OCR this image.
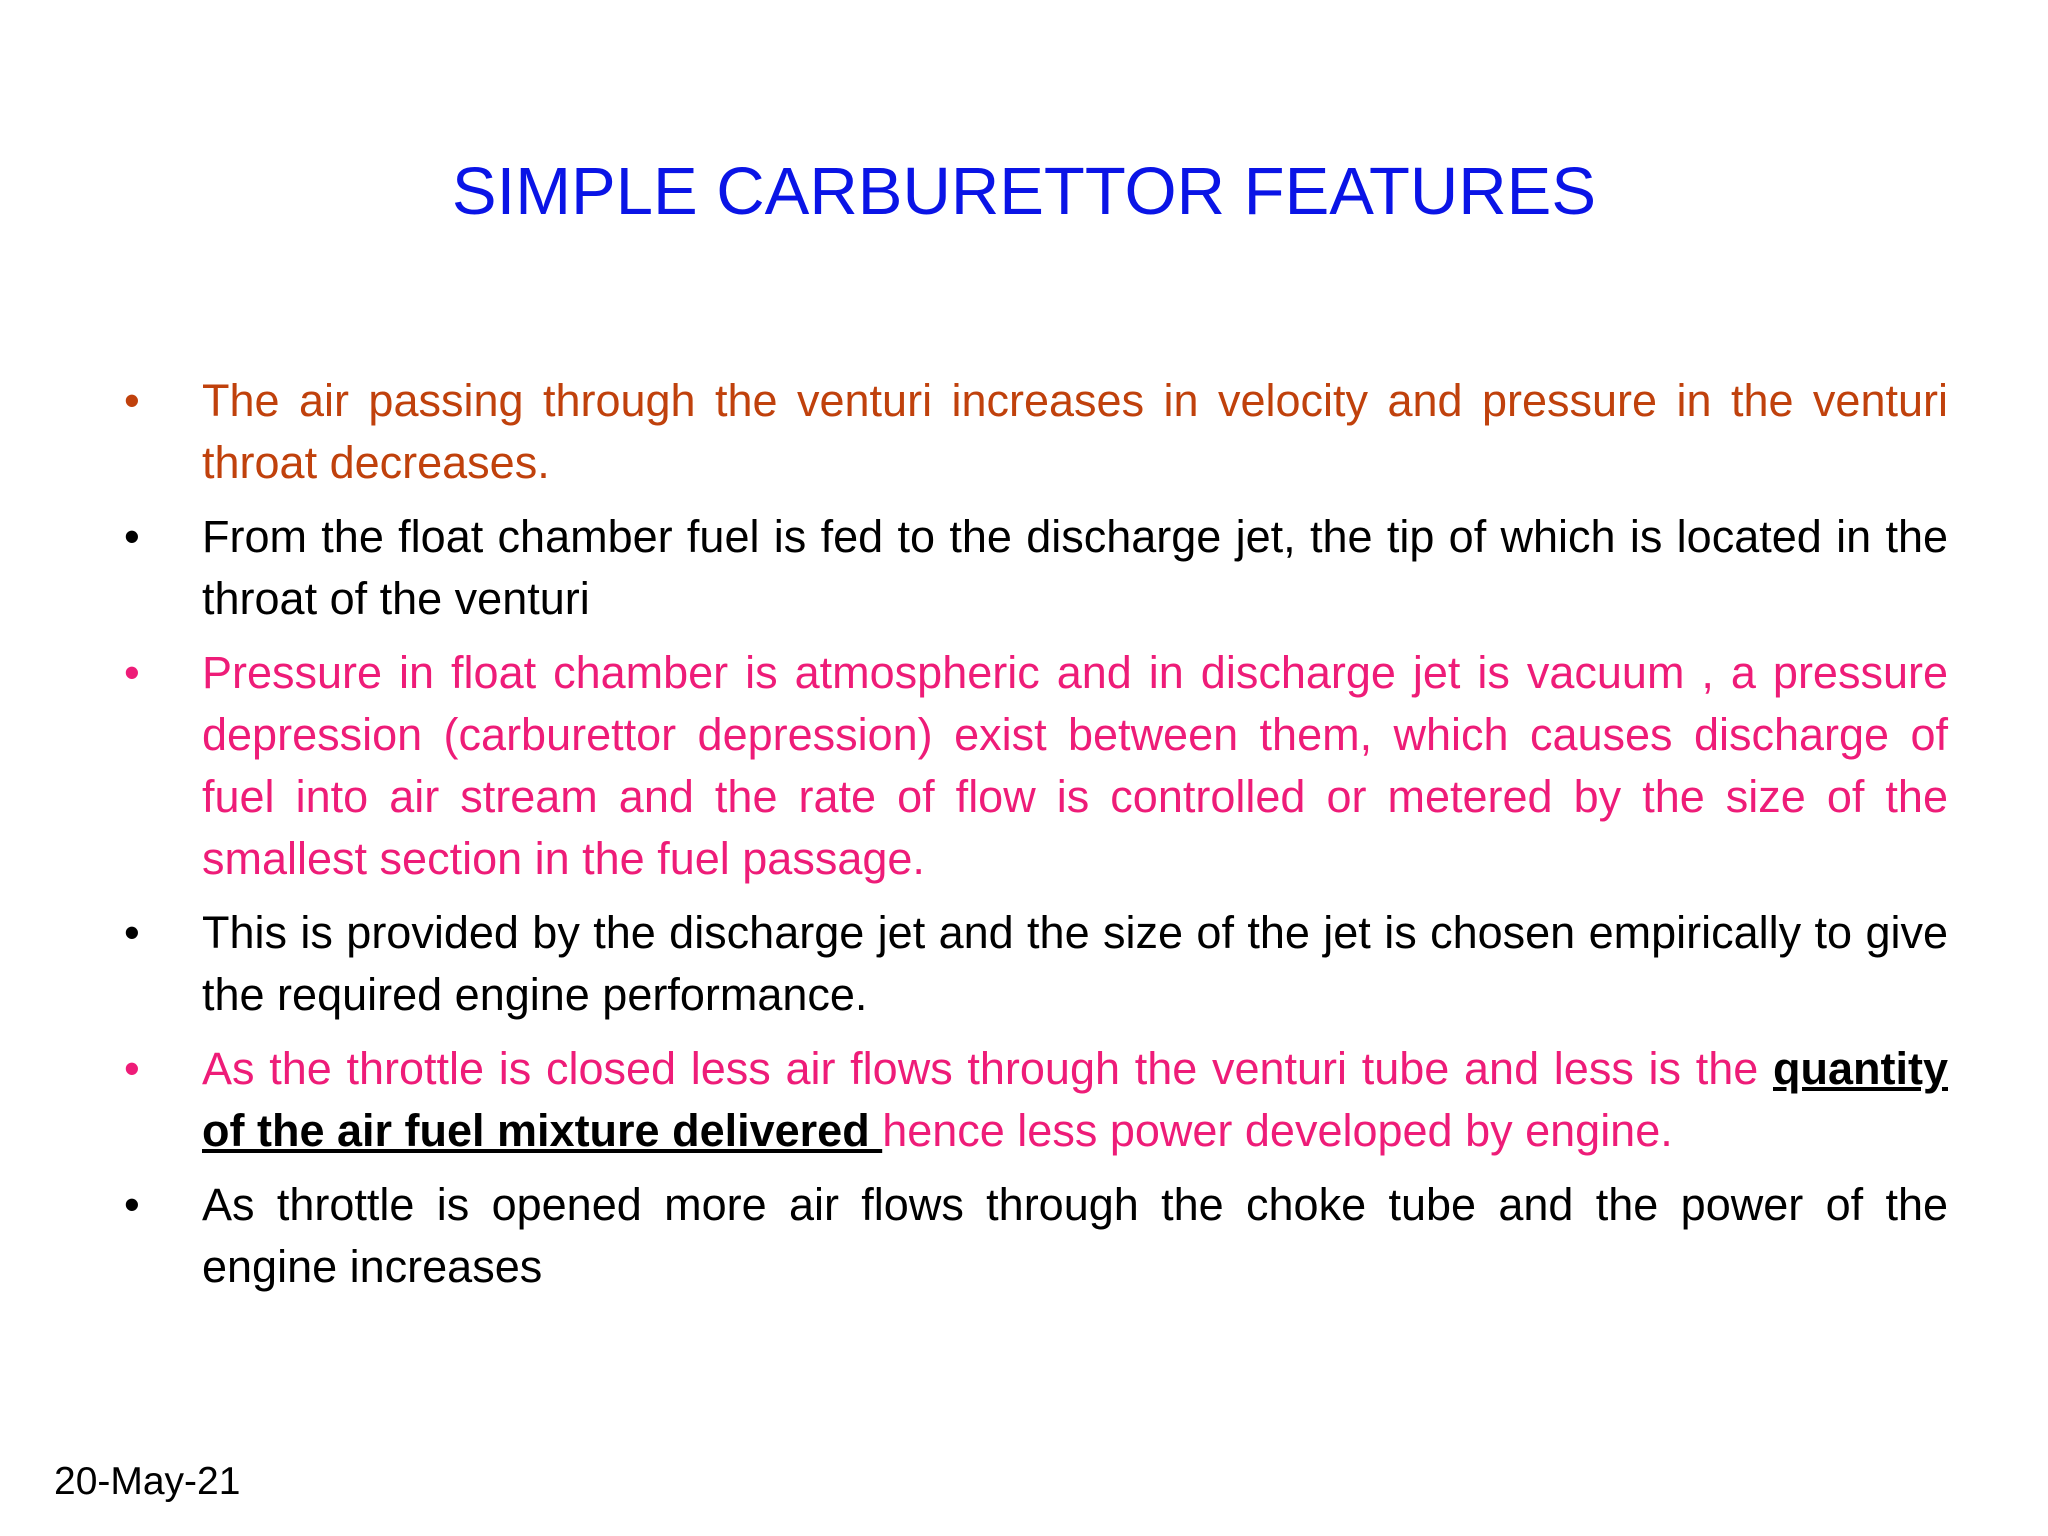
SIMPLE CARBURETTOR FEATURES
• The air passing through the venturi increases in velocity and pressure in the venturi throat decreases.
• From the float chamber fuel is fed to the discharge jet, the tip of which is located in the throat of the venturi
• Pressure in float chamber is atmospheric and in discharge jet is vacuum , a pressure depression (carburettor depression) exist between them, which causes discharge of fuel into air stream and the rate of flow is controlled or metered by the size of the smallest section in the fuel passage.
• This is provided by the discharge jet and the size of the jet is chosen empirically to give the required engine performance.
• As the throttle is closed less air flows through the venturi tube and less is the quantity of the air fuel mixture delivered hence less power developed by engine.
• As throttle is opened more air flows through the choke tube and the power of the engine increases
20-May-21
